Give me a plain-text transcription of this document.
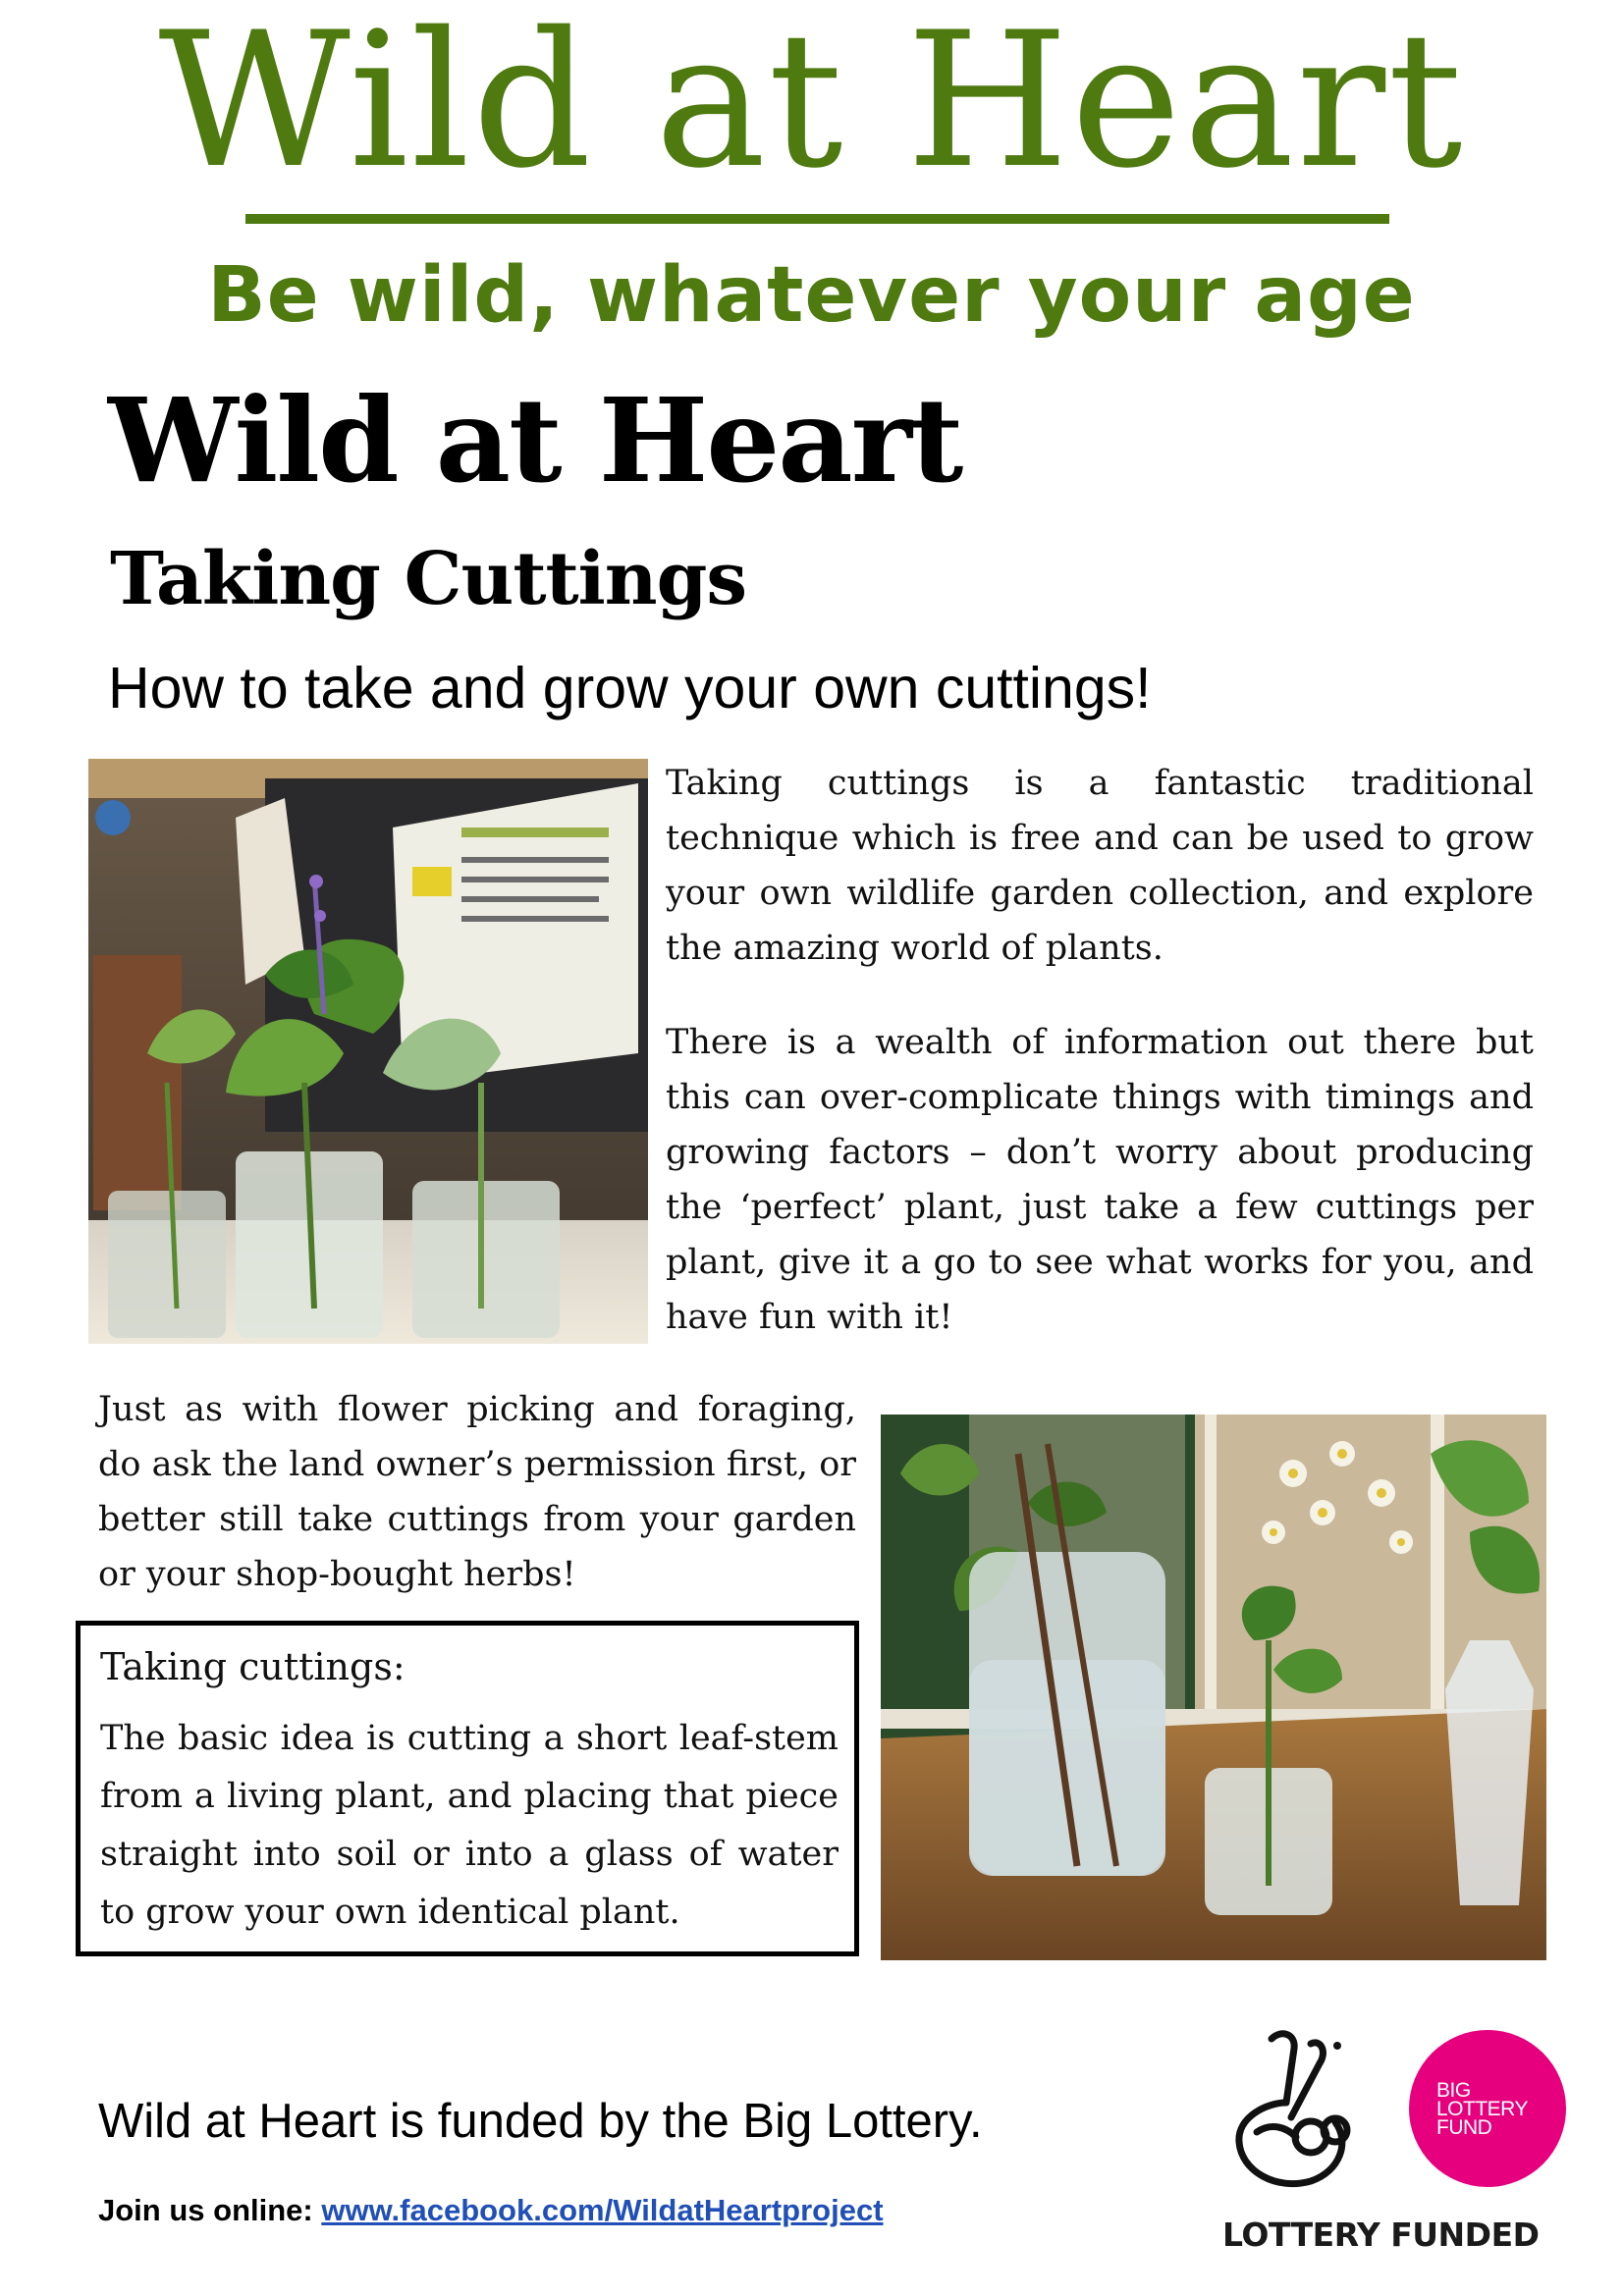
Wild at Heart
Be wild, whatever your age
Wild at Heart
Taking Cuttings
How to take and grow your own cuttings!
Taking cuttings is a fantastic traditional technique which is free and can be used to grow your own wildlife garden collection, and explore the amazing world of plants.
There is a wealth of information out there but this can over-complicate things with timings and growing factors – don’t worry about producing the ‘perfect’ plant, just take a few cuttings per plant, give it a go to see what works for you, and have fun with it!
Just as with flower picking and foraging, do ask the land owner’s permission first, or better still take cuttings from your garden or your shop-bought herbs!
Taking cuttings:
The basic idea is cutting a short leaf-stem from a living plant, and placing that piece straight into soil or into a glass of water to grow your own identical plant.
Wild at Heart is funded by the Big Lottery.
Join us online: www.facebook.com/WildatHeartproject
LOTTERY FUNDED
BIG
LOTTERY
FUND
